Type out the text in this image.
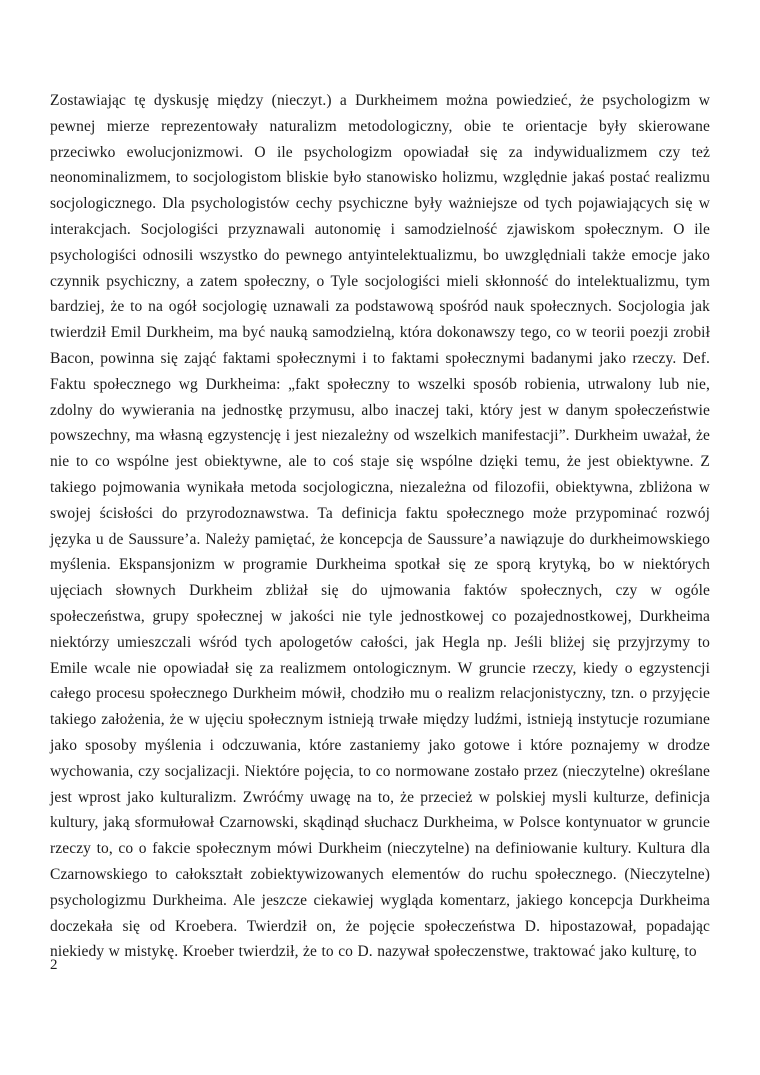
Zostawiając tę dyskusję między (nieczyt.) a Durkheimem można powiedzieć, że psychologizm w pewnej mierze reprezentowały naturalizm metodologiczny, obie te orientacje były skierowane przeciwko ewolucjonizmowi. O ile psychologizm opowiadał się za indywidualizmem czy też neonominalizmem, to socjologistom bliskie było stanowisko holizmu, względnie jakaś postać realizmu socjologicznego. Dla psychologistów cechy psychiczne były ważniejsze od tych pojawiających się w interakcjach. Socjologiści przyznawali autonomię i samodzielność zjawiskom społecznym. O ile psychologiści odnosili wszystko do pewnego antyintelektualizmu, bo uwzględniali także emocje jako czynnik psychiczny, a zatem społeczny, o Tyle socjologiści mieli skłonność do intelektualizmu, tym bardziej, że to na ogół socjologię uznawali za podstawową spośród nauk społecznych. Socjologia jak twierdził Emil Durkheim, ma być nauką samodzielną, która dokonawszy tego, co w teorii poezji zrobił Bacon, powinna się zająć faktami społecznymi i to faktami społecznymi badanymi jako rzeczy. Def. Faktu społecznego wg Durkheima: „fakt społeczny to wszelki sposób robienia, utrwalony lub nie, zdolny do wywierania na jednostkę przymusu, albo inaczej taki, który jest w danym społeczeństwie powszechny, ma własną egzystencję i jest niezależny od wszelkich manifestacji”. Durkheim uważał, że nie to co wspólne jest obiektywne, ale to coś staje się wspólne dzięki temu, że jest obiektywne. Z takiego pojmowania wynikała metoda socjologiczna, niezależna od filozofii, obiektywna, zbliżona w swojej ścisłości do przyrodoznawstwa. Ta definicja faktu społecznego może przypominać rozwój języka u de Saussure’a. Należy pamiętać, że koncepcja de Saussure’a nawiązuje do durkheimowskiego myślenia. Ekspansjonizm w programie Durkheima spotkał się ze sporą krytyką, bo w niektórych ujęciach słownych Durkheim zbliżał się do ujmowania faktów społecznych, czy w ogóle społeczeństwa, grupy społecznej w jakości nie tyle jednostkowej co pozajednostkowej, Durkheima niektórzy umieszczali wśród tych apologetów całości, jak Hegla np. Jeśli bliżej się przyjrzymy to Emile wcale nie opowiadał się za realizmem ontologicznym. W gruncie rzeczy, kiedy o egzystencji całego procesu społecznego Durkheim mówił, chodziło mu o realizm relacjonistyczny, tzn. o przyjęcie takiego założenia, że w ujęciu społecznym istnieją trwałe między ludźmi, istnieją instytucje rozumiane jako sposoby myślenia i odczuwania, które zastaniemy jako gotowe i które poznajemy w drodze wychowania, czy socjalizacji. Niektóre pojęcia, to co normowane zostało przez (nieczytelne) określane jest wprost jako kulturalizm. Zwróćmy uwagę na to, że przecież w polskiej mysli kulturze, definicja kultury, jaką sformułował Czarnowski, skądinąd słuchacz Durkheima, w Polsce kontynuator w gruncie rzeczy to, co o fakcie społecznym mówi Durkheim (nieczytelne) na definiowanie kultury. Kultura dla Czarnowskiego to całokształt zobiektywizowanych elementów do ruchu społecznego. (Nieczytelne) psychologizmu Durkheima. Ale jeszcze ciekawiej wygląda komentarz, jakiego koncepcja Durkheima doczekała się od Kroebera. Twierdził on, że pojęcie społeczeństwa D. hipostazował, popadając niekiedy w mistykę. Kroeber twierdził, że to co D. nazywał społeczenstwe, traktować jako kulturę, to
2
